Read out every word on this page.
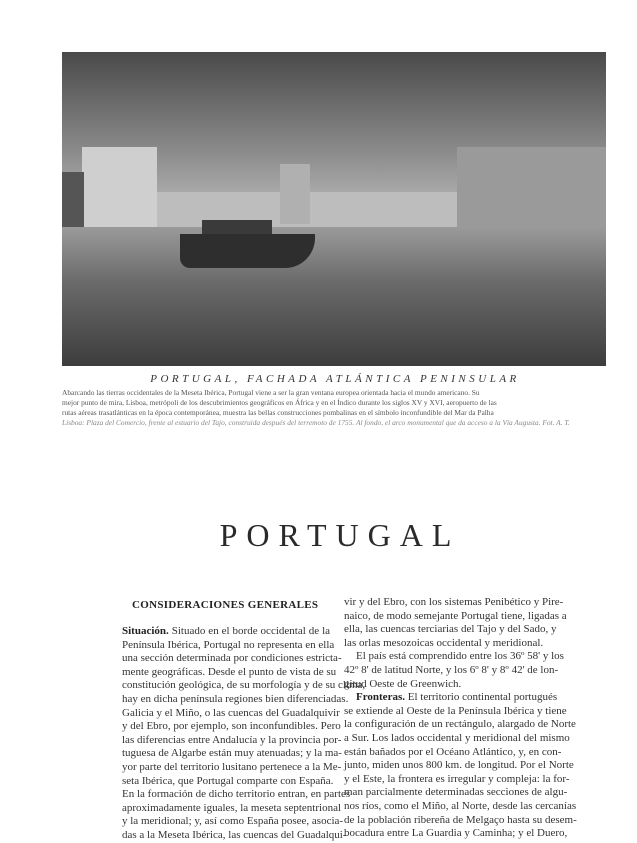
PORTUGAL, FACHADA ATLÁNTICA PENINSULAR
Abarcando las tierras occidentales de la Meseta Ibérica, Portugal viene a ser la gran ventana europea orientada hacia el mundo americano. Su
mejor punto de mira, Lisboa, metrópoli de los descubrimientos geográficos en África y en el Índico durante los siglos XV y XVI, aeropuerto de las
rutas aéreas trasatlánticas en la época contemporánea, muestra las bellas construcciones pombalinas en el símbolo inconfundible del Mar da Palha
Lisboa: Plaza del Comercio, frente al estuario del Tajo, construida después del terremoto de 1755. Al fondo, el arco monumental que da acceso a la Vía Augusta. Fot. A. T.
PORTUGAL
CONSIDERACIONES GENERALES
Situación. Situado en el borde occidental de la
Península Ibérica, Portugal no representa en ella
una sección determinada por condiciones estricta-
mente geográficas. Desde el punto de vista de su
constitución geológica, de su morfología y de su clima,
hay en dicha península regiones bien diferenciadas.
Galicia y el Miño, o las cuencas del Guadalquivir
y del Ebro, por ejemplo, son inconfundibles. Pero
las diferencias entre Andalucía y la provincia por-
tuguesa de Algarbe están muy atenuadas; y la ma-
yor parte del territorio lusitano pertenece a la Me-
seta Ibérica, que Portugal comparte con España.
En la formación de dicho territorio entran, en partes
aproximadamente iguales, la meseta septentrional
y la meridional; y, así como España posee, asocia-
das a la Meseta Ibérica, las cuencas del Guadalqui-
vir y del Ebro, con los sistemas Penibético y Pire-
naico, de modo semejante Portugal tiene, ligadas a
ella, las cuencas terciarias del Tajo y del Sado, y
las orlas mesozoicas occidental y meridional.
El país está comprendido entre los 36º 58' y los
42º 8' de latitud Norte, y los 6º 8' y 8º 42' de lon-
gitud Oeste de Greenwich.
Fronteras. El territorio continental portugués
se extiende al Oeste de la Península Ibérica y tiene
la configuración de un rectángulo, alargado de Norte
a Sur. Los lados occidental y meridional del mismo
están bañados por el Océano Atlántico, y, en con-
junto, miden unos 800 km. de longitud. Por el Norte
y el Este, la frontera es irregular y compleja: la for-
man parcialmente determinadas secciones de algu-
nos ríos, como el Miño, al Norte, desde las cercanías
de la población ribereña de Melgaço hasta su desem-
bocadura entre La Guardia y Caminha; y el Duero,
